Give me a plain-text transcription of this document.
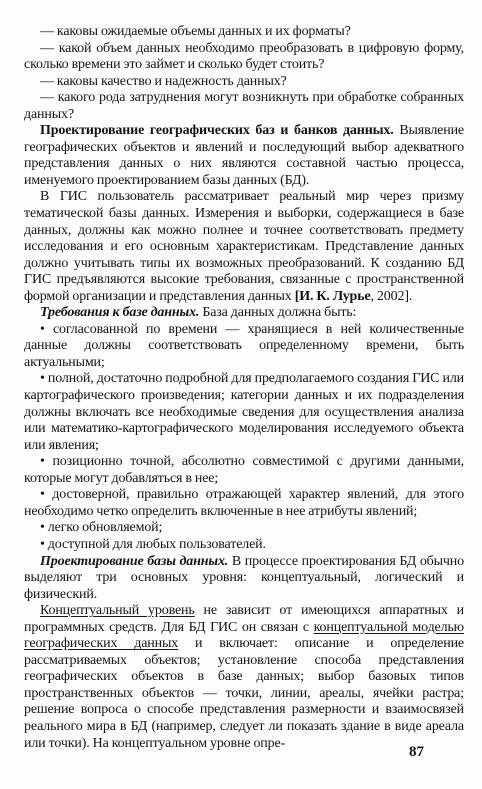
— каковы ожидаемые объемы данных и их форматы?

— какой объем данных необходимо преобразовать в цифровую форму, сколько времени это займет и сколько будет стоить?

— каковы качество и надежность данных?

— какого рода затруднения могут возникнуть при обработке собранных данных?

Проектирование географических баз и банков данных. Выявление географических объектов и явлений и последующий выбор адекватного представления данных о них являются составной частью процесса, именуемого проектированием базы данных (БД).

В ГИС пользователь рассматривает реальный мир через призму тематической базы данных. Измерения и выборки, содержащиеся в базе данных, должны как можно полнее и точнее соответствовать предмету исследования и его основным характеристикам. Представление данных должно учитывать типы их возможных преобразований. К созданию БД ГИС предъявляются высокие требования, связанные с пространственной формой организации и представления данных [И. К. Лурье, 2002].

Требования к базе данных. База данных должна быть:

• согласованной по времени — хранящиеся в ней количественные данные должны соответствовать определенному времени, быть актуальными;

• полной, достаточно подробной для предполагаемого создания ГИС или картографического произведения; категории данных и их подразделения должны включать все необходимые сведения для осуществления анализа или математико-картографического моделирования исследуемого объекта или явления;

• позиционно точной, абсолютно совместимой с другими данными, которые могут добавляться в нее;

• достоверной, правильно отражающей характер явлений, для этого необходимо четко определить включенные в нее атрибуты явлений;

• легко обновляемой;

• доступной для любых пользователей.

Проектирование базы данных. В процессе проектирования БД обычно выделяют три основных уровня: концептуальный, логический и физический.

Концептуальный уровень не зависит от имеющихся аппаратных и программных средств. Для БД ГИС он связан с концептуальной моделью географических данных и включает: описание и определение рассматриваемых объектов; установление способа представления географических объектов в базе данных; выбор базовых типов пространственных объектов — точки, линии, ареалы, ячейки растра; решение вопроса о способе представления размерности и взаимосвязей реального мира в БД (например, следует ли показать здание в виде ареала или точки). На концептуальном уровне опре-

87
